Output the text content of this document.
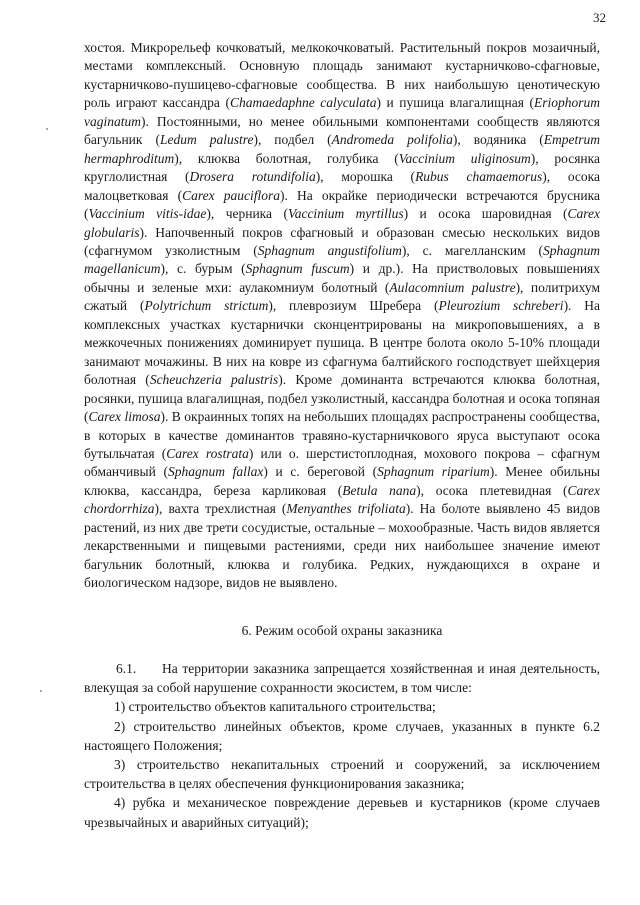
32

хостоя. Микрорельеф кочковатый, мелкокочковатый. Растительный покров мозаичный, местами комплексный. Основную площадь занимают кустарничково-сфагновые, кустарничково-пушицево-сфагновые сообщества. В них наибольшую ценотическую роль играют кассандра (Chamaedaphne calyculata) и пушица влагалищная (Eriophorum vaginatum). Постоянными, но менее обильными компонентами сообществ являются багульник (Ledum palustre), подбел (Andromeda polifolia), водяника (Empetrum hermaphroditum), клюква болотная, голубика (Vaccinium uliginosum), росянка круглолистная (Drosera rotundifolia), морошка (Rubus chamaemorus), осока малоцветковая (Carex pauciflora). На окрайке периодически встречаются брусника (Vaccinium vitis-idae), черника (Vaccinium myrtillus) и осока шаровидная (Carex globularis). Напочвенный покров сфагновый и образован смесью нескольких видов (сфагнумом узколистным (Sphagnum angustifolium), с. магелланским (Sphagnum magellanicum), с. бурым (Sphagnum fuscum) и др.). На пристволовых повышениях обычны и зеленые мхи: аулакомниум болотный (Aulacomnium palustre), политрихум сжатый (Polytrichum strictum), плеврозиум Шребера (Pleurozium schreberi). На комплексных участках кустарнички сконцентрированы на микроповышениях, а в межкочечных понижениях доминирует пушица. В центре болота около 5-10% площади занимают мочажины. В них на ковре из сфагнума балтийского господствует шейхцерия болотная (Scheuchzeria palustris). Кроме доминанта встречаются клюква болотная, росянки, пушица влагалищная, подбел узколистный, кассандра болотная и осока топяная (Carex limosa). В окраинных топях на небольших площадях распространены сообщества, в которых в качестве доминантов травяно-кустарничкового яруса выступают осока бутыльчатая (Carex rostrata) или о. шерстистоплодная, мохового покрова – сфагнум обманчивый (Sphagnum fallax) и с. береговой (Sphagnum riparium). Менее обильны клюква, кассандра, береза карликовая (Betula nana), осока плетевидная (Carex chordorrhiza), вахта трехлистная (Menyanthes trifoliata). На болоте выявлено 45 видов растений, из них две трети сосудистые, остальные – мохообразные. Часть видов является лекарственными и пищевыми растениями, среди них наибольшее значение имеют багульник болотный, клюква и голубика. Редких, нуждающихся в охране и биологическом надзоре, видов не выявлено.

6. Режим особой охраны заказника

6.1. На территории заказника запрещается хозяйственная и иная деятельность, влекущая за собой нарушение сохранности экосистем, в том числе:

1) строительство объектов капитального строительства;

2) строительство линейных объектов, кроме случаев, указанных в пункте 6.2 настоящего Положения;

3) строительство некапитальных строений и сооружений, за исключением строительства в целях обеспечения функционирования заказника;

4) рубка и механическое повреждение деревьев и кустарников (кроме случаев чрезвычайных и аварийных ситуаций);
